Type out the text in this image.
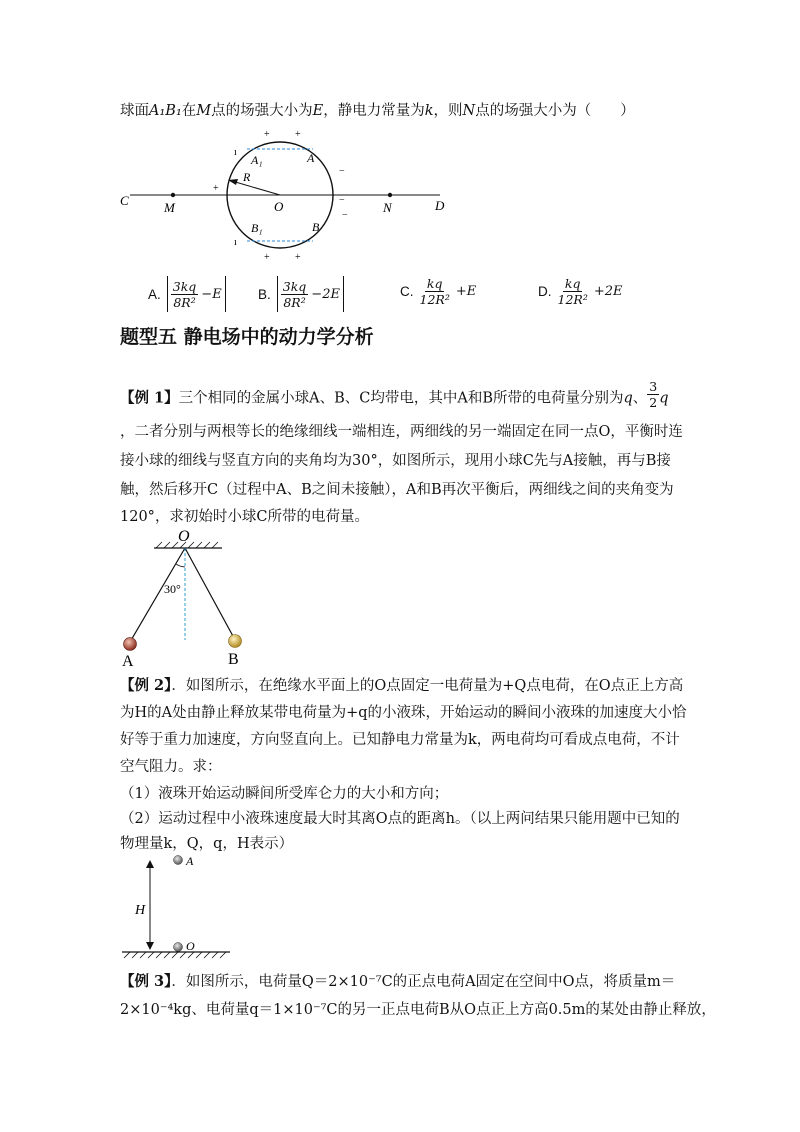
球面A₁B₁在M点的场强大小为E，静电力常量为k，则N点的场强大小为（　　）
C	M	O	N	D
R
A₁	A
B₁	B
+	+
−
−
−
+
ı
ı
+	+
A. $\frac{3kq}{\text{8R²}} -E$	B. $\frac{3kq}{\text{8R²}} -2E$	C. $\frac{kq}{\text{12R²}} +E$	D. $\frac{kq}{\text{12R²}} +2E$
题型五 静电场中的动力学分析
【例 1】三个相同的金属小球A、B、C均带电，其中A和B所带的电荷量分别为q、 $\frac{3}{2}$ q
，二者分别与两根等长的绝缘细线一端相连，两细线的另一端固定在同一点O，平衡时连
接小球的细线与竖直方向的夹角均为30°，如图所示，现用小球C先与A接触，再与B接
触，然后移开C（过程中A、B之间未接触），A和B再次平衡后，两细线之间的夹角变为
120°，求初始时小球C所带的电荷量。
O
30°
A	B
【例 2】．如图所示，在绝缘水平面上的O点固定一电荷量为+Q点电荷，在O点正上方高
为H的A处由静止释放某带电荷量为+q的小液珠，开始运动的瞬间小液珠的加速度大小恰
好等于重力加速度，方向竖直向上。已知静电力常量为k，两电荷均可看成点电荷，不计
空气阻力。求：
（1）液珠开始运动瞬间所受库仑力的大小和方向；
（2）运动过程中小液珠速度最大时其离O点的距离h。（以上两问结果只能用题中已知的
物理量k，Q，q，H表示）
A
H
O
【例 3】．如图所示，电荷量Q＝2×10⁻⁷C的正点电荷A固定在空间中O点，将质量m＝
2×10⁻⁴kg、电荷量q＝1×10⁻⁷C的另一正点电荷B从O点正上方高0.5m的某处由静止释放，
